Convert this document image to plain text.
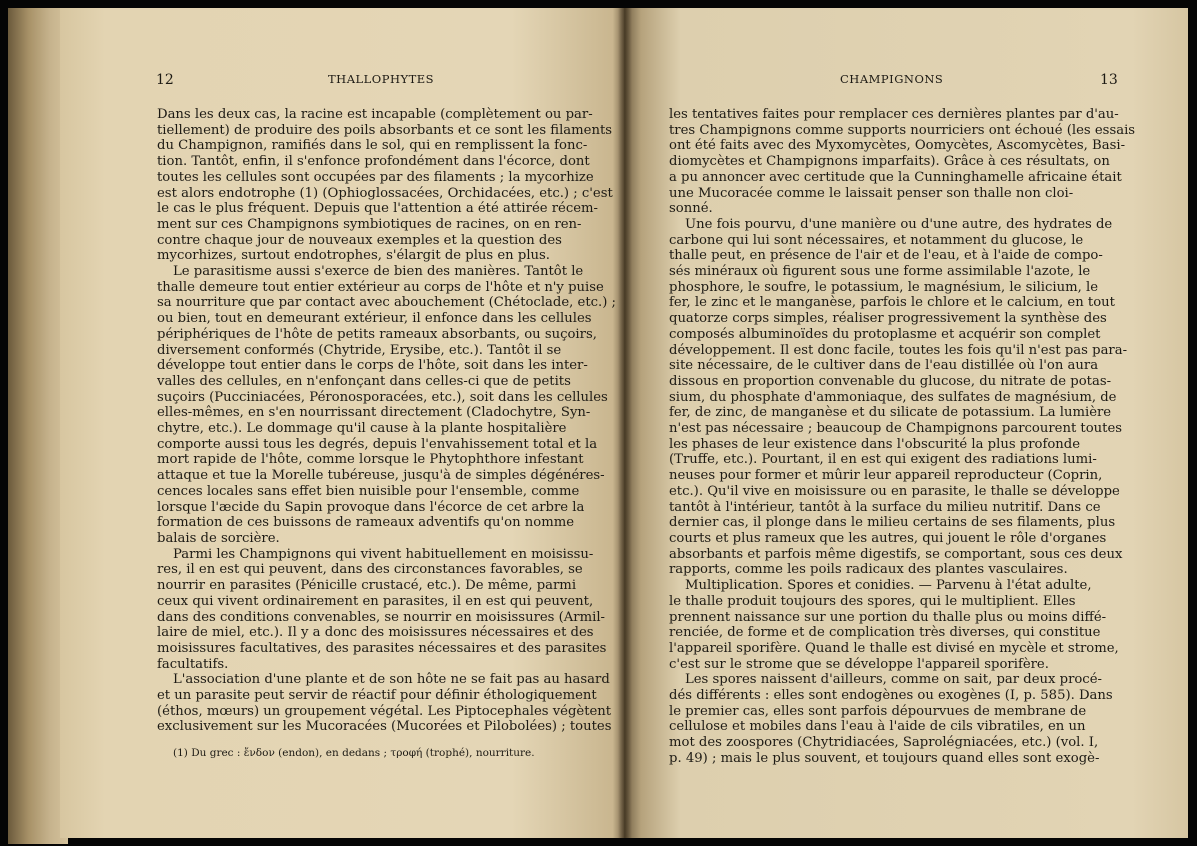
12	THALLOPHYTES
Dans les deux cas, la racine est incapable (complètement ou par-
tiellement) de produire des poils absorbants et ce sont les filaments
du Champignon, ramifiés dans le sol, qui en remplissent la fonc-
tion. Tantôt, enfin, il s'enfonce profondément dans l'écorce, dont
toutes les cellules sont occupées par des filaments ; la mycorhize
est alors endotrophe (1) (Ophioglossacées, Orchidacées, etc.) ; c'est
le cas le plus fréquent. Depuis que l'attention a été attirée récem-
ment sur ces Champignons symbiotiques de racines, on en ren-
contre chaque jour de nouveaux exemples et la question des
mycorhizes, surtout endotrophes, s'élargit de plus en plus.
Le parasitisme aussi s'exerce de bien des manières. Tantôt le
thalle demeure tout entier extérieur au corps de l'hôte et n'y puise
sa nourriture que par contact avec abouchement (Chétoclade, etc.) ;
ou bien, tout en demeurant extérieur, il enfonce dans les cellules
périphériques de l'hôte de petits rameaux absorbants, ou suçoirs,
diversement conformés (Chytride, Erysibe, etc.). Tantôt il se
développe tout entier dans le corps de l'hôte, soit dans les inter-
valles des cellules, en n'enfonçant dans celles-ci que de petits
suçoirs (Pucciniacées, Péronosporacées, etc.), soit dans les cellules
elles-mêmes, en s'en nourrissant directement (Cladochytre, Syn-
chytre, etc.). Le dommage qu'il cause à la plante hospitalière
comporte aussi tous les degrés, depuis l'envahissement total et la
mort rapide de l'hôte, comme lorsque le Phytophthore infestant
attaque et tue la Morelle tubéreuse, jusqu'à de simples dégénéres-
cences locales sans effet bien nuisible pour l'ensemble, comme
lorsque l'æcide du Sapin provoque dans l'écorce de cet arbre la
formation de ces buissons de rameaux adventifs qu'on nomme
balais de sorcière.
Parmi les Champignons qui vivent habituellement en moisissu-
res, il en est qui peuvent, dans des circonstances favorables, se
nourrir en parasites (Pénicille crustacé, etc.). De même, parmi
ceux qui vivent ordinairement en parasites, il en est qui peuvent,
dans des conditions convenables, se nourrir en moisissures (Armil-
laire de miel, etc.). Il y a donc des moisissures nécessaires et des
moisissures facultatives, des parasites nécessaires et des parasites
facultatifs.
L'association d'une plante et de son hôte ne se fait pas au hasard
et un parasite peut servir de réactif pour définir éthologiquement
(éthos, mœurs) un groupement végétal. Les Piptocephales végètent
exclusivement sur les Mucoracées (Mucorées et Pilobolées) ; toutes
(1) Du grec : ἔνδον (endon), en dedans ; τροφή (trophé), nourriture.
CHAMPIGNONS	13
les tentatives faites pour remplacer ces dernières plantes par d'au-
tres Champignons comme supports nourriciers ont échoué (les essais
ont été faits avec des Myxomycètes, Oomycètes, Ascomycètes, Basi-
diomycètes et Champignons imparfaits). Grâce à ces résultats, on
a pu annoncer avec certitude que la Cunninghamelle africaine était
une Mucoracée comme le laissait penser son thalle non cloi-
sonné.
Une fois pourvu, d'une manière ou d'une autre, des hydrates de
carbone qui lui sont nécessaires, et notamment du glucose, le
thalle peut, en présence de l'air et de l'eau, et à l'aide de compo-
sés minéraux où figurent sous une forme assimilable l'azote, le
phosphore, le soufre, le potassium, le magnésium, le silicium, le
fer, le zinc et le manganèse, parfois le chlore et le calcium, en tout
quatorze corps simples, réaliser progressivement la synthèse des
composés albuminoïdes du protoplasme et acquérir son complet
développement. Il est donc facile, toutes les fois qu'il n'est pas para-
site nécessaire, de le cultiver dans de l'eau distillée où l'on aura
dissous en proportion convenable du glucose, du nitrate de potas-
sium, du phosphate d'ammoniaque, des sulfates de magnésium, de
fer, de zinc, de manganèse et du silicate de potassium. La lumière
n'est pas nécessaire ; beaucoup de Champignons parcourent toutes
les phases de leur existence dans l'obscurité la plus profonde
(Truffe, etc.). Pourtant, il en est qui exigent des radiations lumi-
neuses pour former et mûrir leur appareil reproducteur (Coprin,
etc.). Qu'il vive en moisissure ou en parasite, le thalle se développe
tantôt à l'intérieur, tantôt à la surface du milieu nutritif. Dans ce
dernier cas, il plonge dans le milieu certains de ses filaments, plus
courts et plus rameux que les autres, qui jouent le rôle d'organes
absorbants et parfois même digestifs, se comportant, sous ces deux
rapports, comme les poils radicaux des plantes vasculaires.
Multiplication. Spores et conidies. — Parvenu à l'état adulte,
le thalle produit toujours des spores, qui le multiplient. Elles
prennent naissance sur une portion du thalle plus ou moins diffé-
renciée, de forme et de complication très diverses, qui constitue
l'appareil sporifère. Quand le thalle est divisé en mycèle et strome,
c'est sur le strome que se développe l'appareil sporifère.
Les spores naissent d'ailleurs, comme on sait, par deux procé-
dés différents : elles sont endogènes ou exogènes (I, p. 585). Dans
le premier cas, elles sont parfois dépourvues de membrane de
cellulose et mobiles dans l'eau à l'aide de cils vibratiles, en un
mot des zoospores (Chytridiacées, Saprolégniacées, etc.) (vol. I,
p. 49) ; mais le plus souvent, et toujours quand elles sont exogè-
